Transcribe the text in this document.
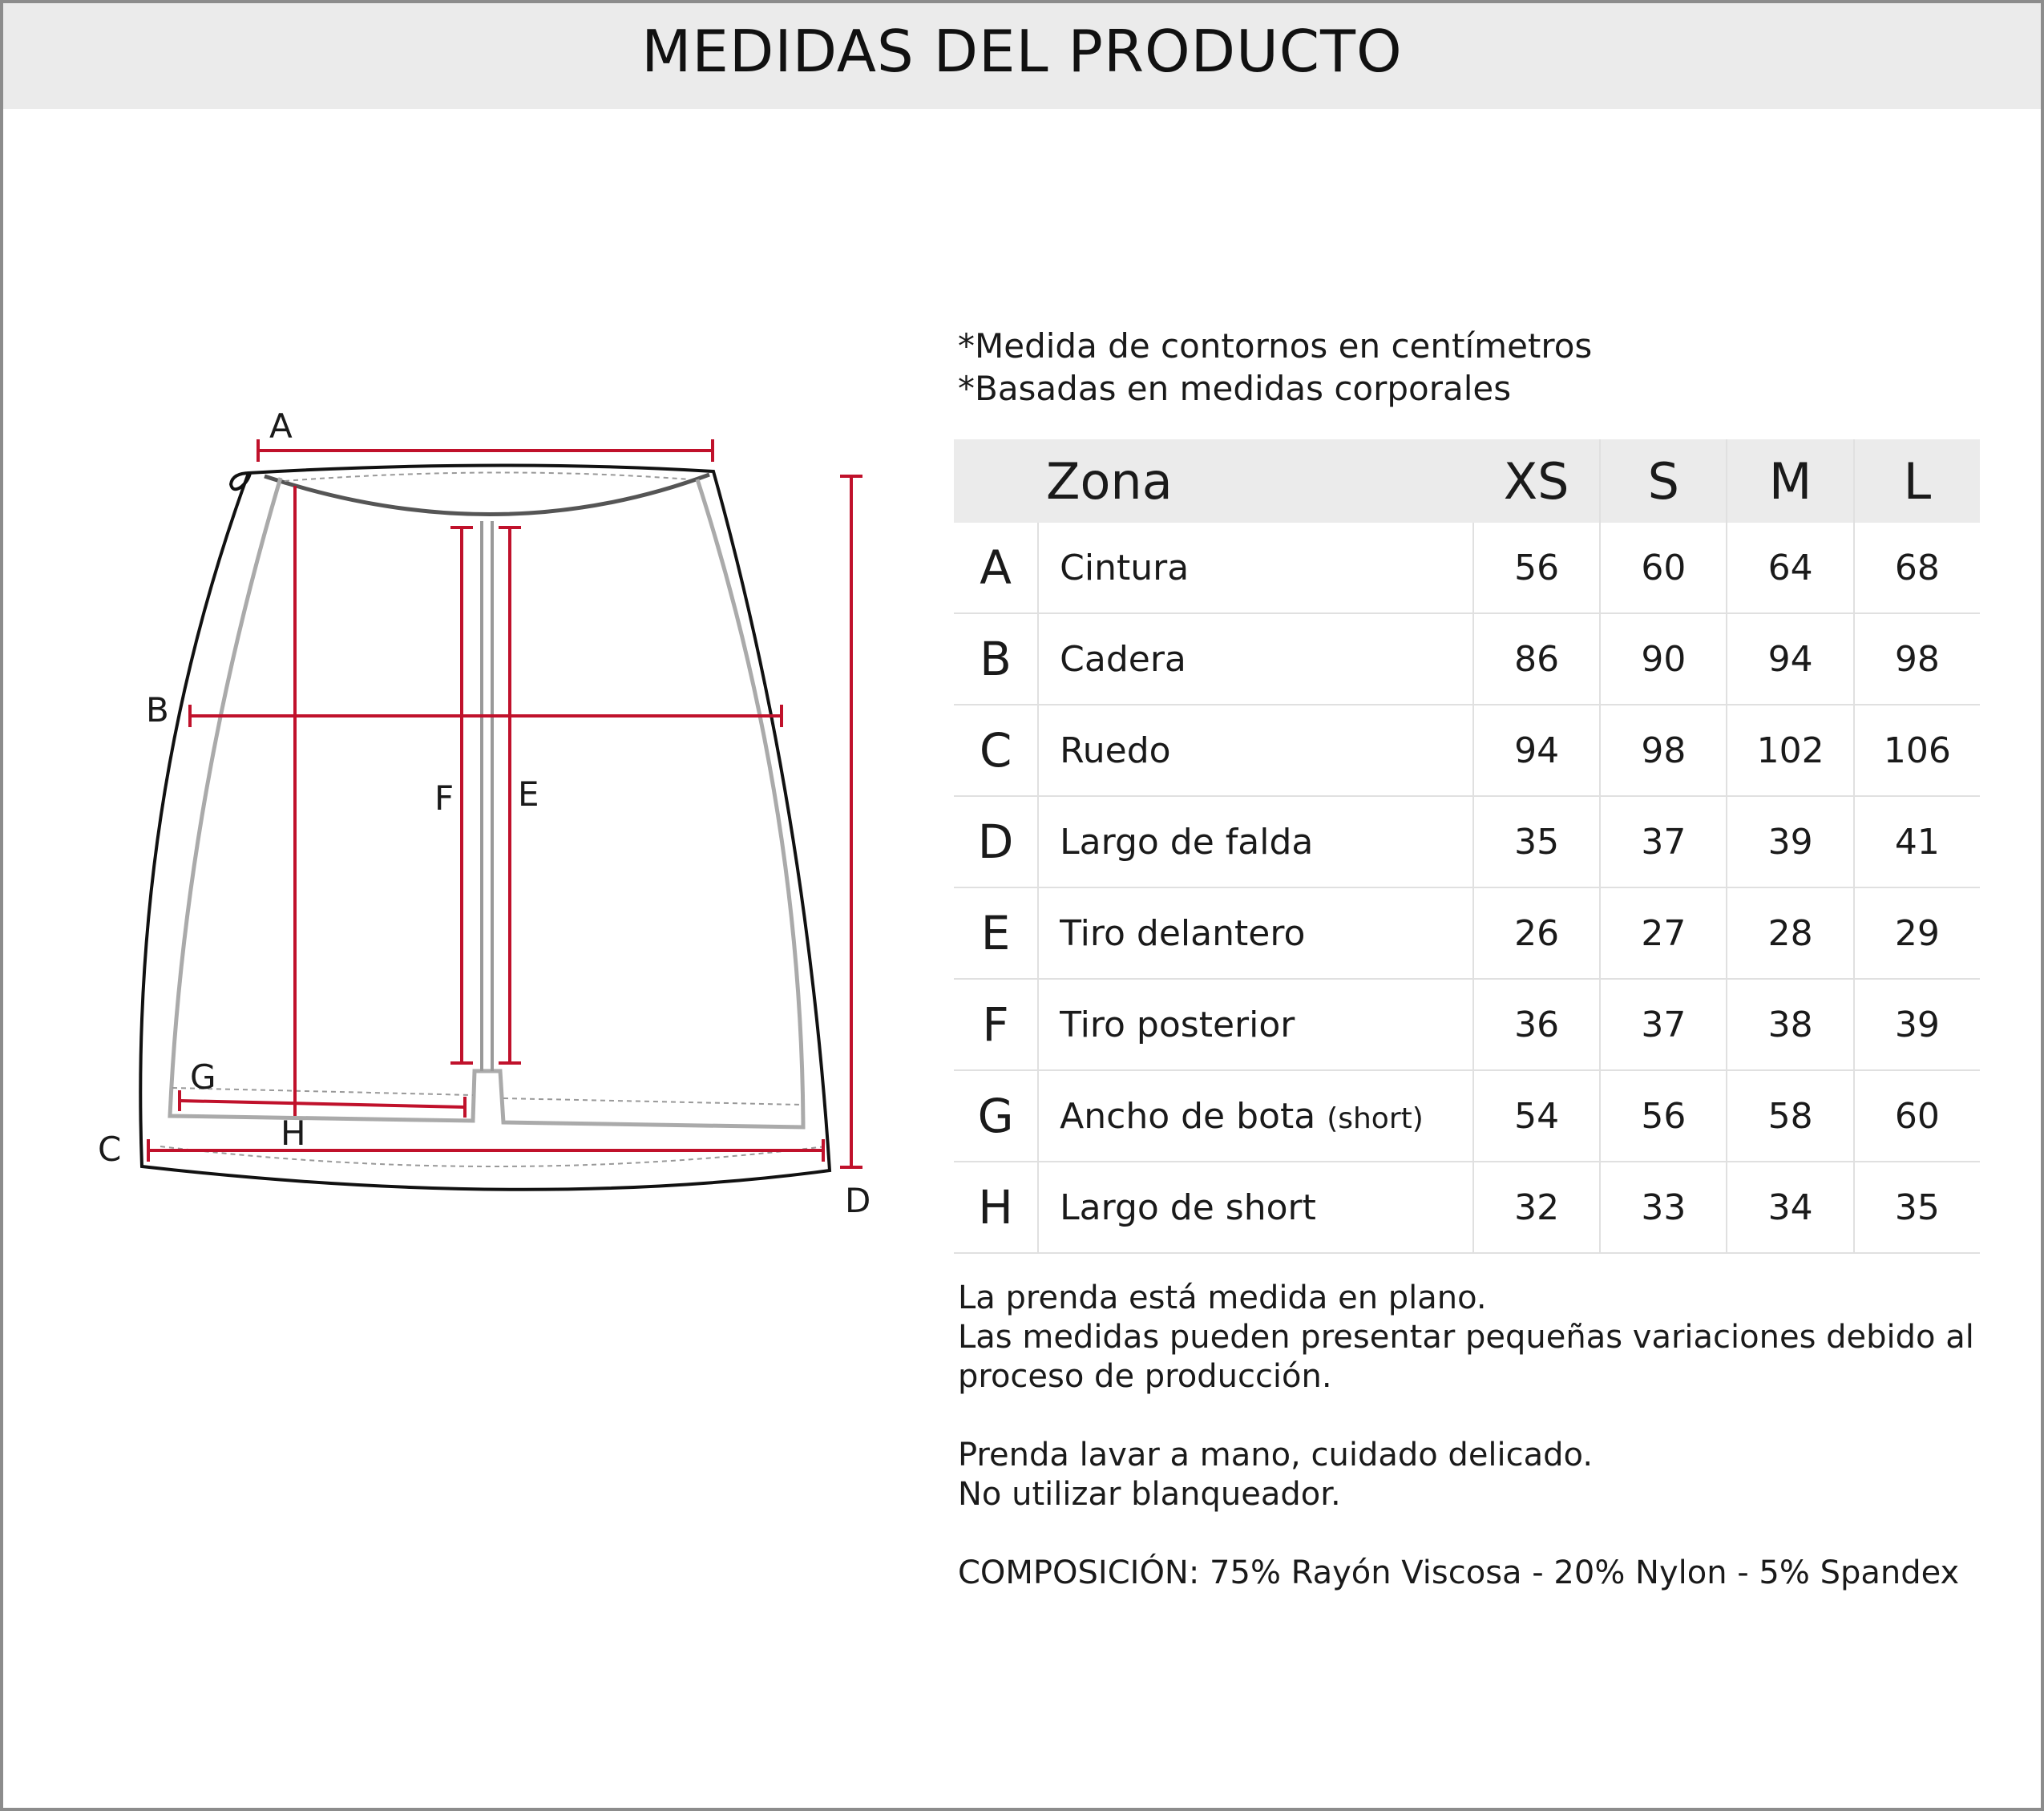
MEDIDAS DEL PRODUCTO
A
B
C
D
E
F
G
H
*Medida de contornos en centímetros
*Basadas en medidas corporales
Zona		XS	S	M	L
A	Cintura	56	60	64	68
B	Cadera	86	90	94	98
C	Ruedo	94	98	102	106
D	Largo de falda	35	37	39	41
E	Tiro delantero	26	27	28	29
F	Tiro posterior	36	37	38	39
G	Ancho de bota (short)	54	56	58	60
H	Largo de short	32	33	34	35
La prenda está medida en plano.
Las medidas pueden presentar pequeñas variaciones debido al
proceso de producción.
Prenda lavar a mano, cuidado delicado.
No utilizar blanqueador.
COMPOSICIÓN: 75% Rayón Viscosa - 20% Nylon - 5% Spandex
